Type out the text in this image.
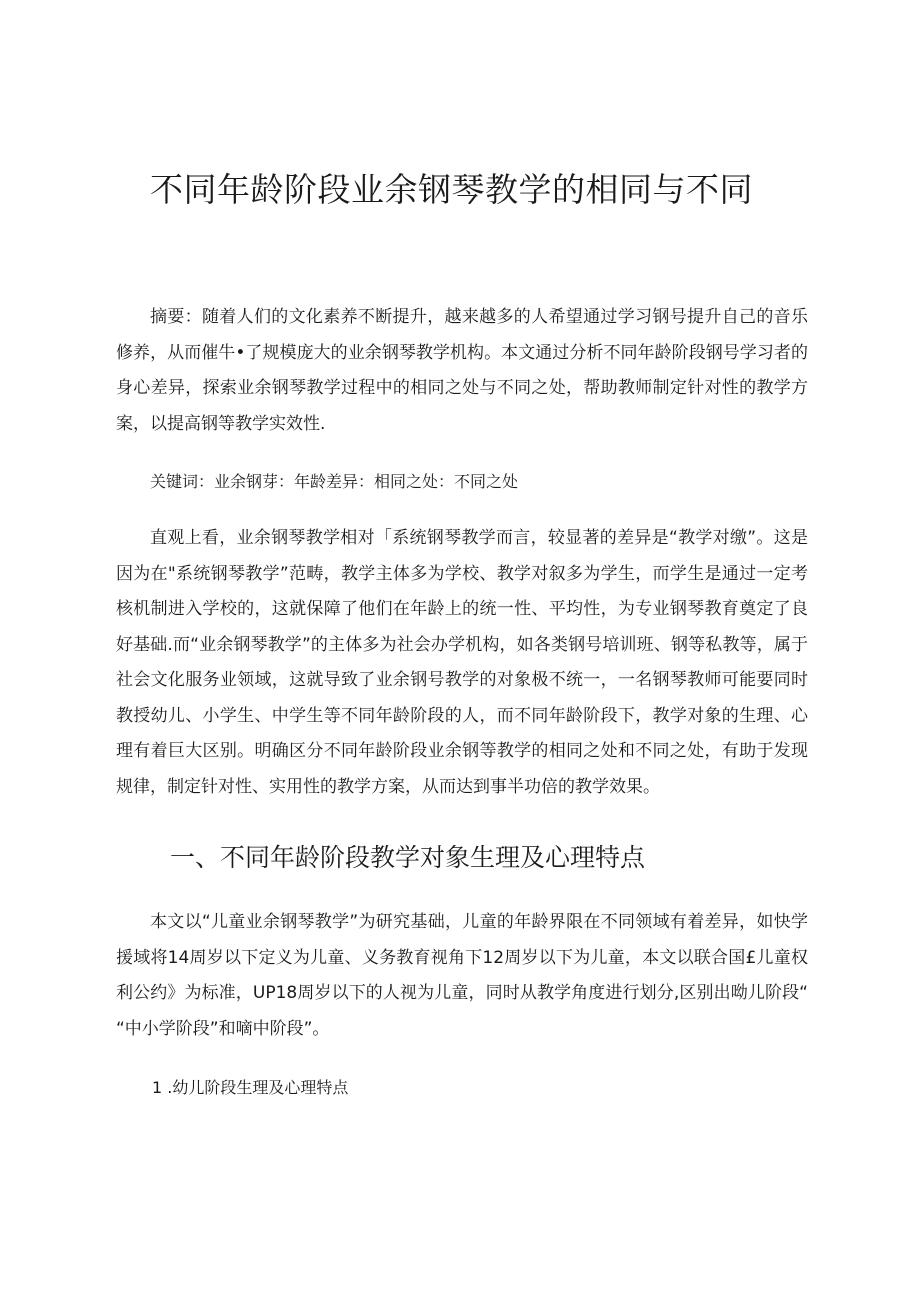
不同年龄阶段业余钢琴教学的相同与不同

摘要：随着人们的文化素养不断提升，越来越多的人希望通过学习钢号提升自己的音乐修养，从而催牛•了规模庞大的业余钢琴教学机构。本文通过分析不同年龄阶段钢号学习者的身心差异，探索业余钢琴教学过程中的相同之处与不同之处，帮助教师制定针对性的教学方案，以提高钢等教学实效性.

关键词：业余钢芽：年龄差异：相同之处：不同之处

直观上看，业余钢琴教学相对「系统钢琴教学而言，较显著的差异是“教学对缴”。这是因为在"系统钢琴教学”范畴，教学主体多为学校、教学对叙多为学生，而学生是通过一定考核机制进入学校的，这就保障了他们在年龄上的统一性、平均性，为专业钢琴教育奠定了良好基础.而“业余钢琴教学”的主体多为社会办学机构，如各类钢号培训班、钢等私教等，属于社会文化服务业领域，这就导致了业余钢号教学的对象极不统一，一名钢琴教师可能要同时教授幼儿、小学生、中学生等不同年龄阶段的人，而不同年龄阶段下，教学对象的生理、心理有着巨大区别。明确区分不同年龄阶段业余钢等教学的相同之处和不同之处，有助于发现规律，制定针对性、实用性的教学方案，从而达到事半功倍的教学效果。

一、不同年龄阶段教学对象生理及心理特点

本文以“儿童业余钢琴教学”为研究基础，儿童的年龄界限在不同领域有着差异，如快学援域将14周岁以下定义为儿童、义务教育视角下12周岁以下为儿童，本文以联合国£儿童权利公约》为标准，UP18周岁以下的人视为儿童，同时从教学角度进行划分,区别出呦儿阶段“ “中小学阶段”和嘀中阶段”。

1 .幼儿阶段生理及心理特点
